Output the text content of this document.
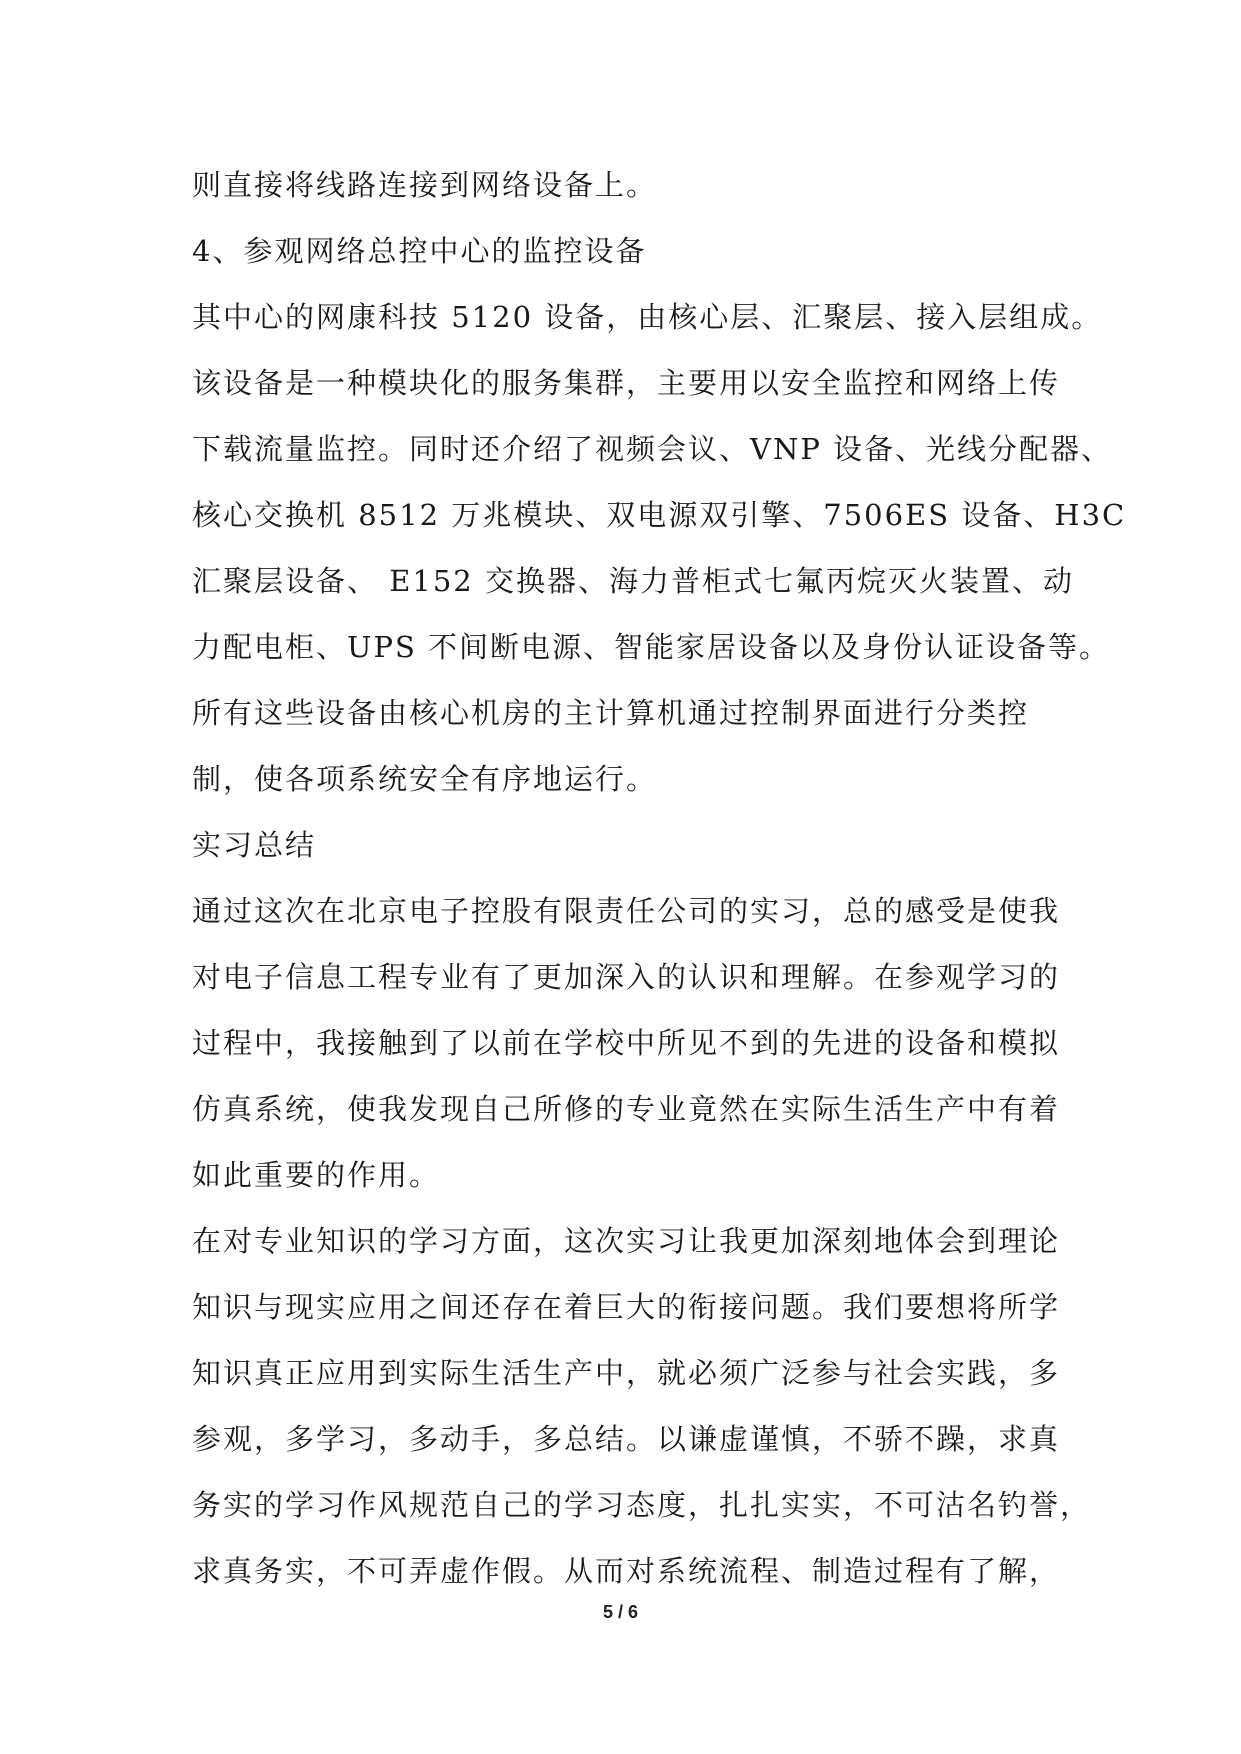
则直接将线路连接到网络设备上。
4、参观网络总控中心的监控设备
其中心的网康科技 5120 设备，由核心层、汇聚层、接入层组成。
该设备是一种模块化的服务集群，主要用以安全监控和网络上传
下载流量监控。同时还介绍了视频会议、VNP 设备、光线分配器、
核心交换机 8512 万兆模块、双电源双引擎、7506ES 设备、H3C
汇聚层设备、 E152 交换器、海力普柜式七氟丙烷灭火装置、动
力配电柜、UPS 不间断电源、智能家居设备以及身份认证设备等。
所有这些设备由核心机房的主计算机通过控制界面进行分类控
制，使各项系统安全有序地运行。
实习总结
通过这次在北京电子控股有限责任公司的实习，总的感受是使我
对电子信息工程专业有了更加深入的认识和理解。在参观学习的
过程中，我接触到了以前在学校中所见不到的先进的设备和模拟
仿真系统，使我发现自己所修的专业竟然在实际生活生产中有着
如此重要的作用。
在对专业知识的学习方面，这次实习让我更加深刻地体会到理论
知识与现实应用之间还存在着巨大的衔接问题。我们要想将所学
知识真正应用到实际生活生产中，就必须广泛参与社会实践，多
参观，多学习，多动手，多总结。以谦虚谨慎，不骄不躁，求真
务实的学习作风规范自己的学习态度，扎扎实实，不可沽名钓誉，
求真务实，不可弄虚作假。从而对系统流程、制造过程有了解，
5 / 6
